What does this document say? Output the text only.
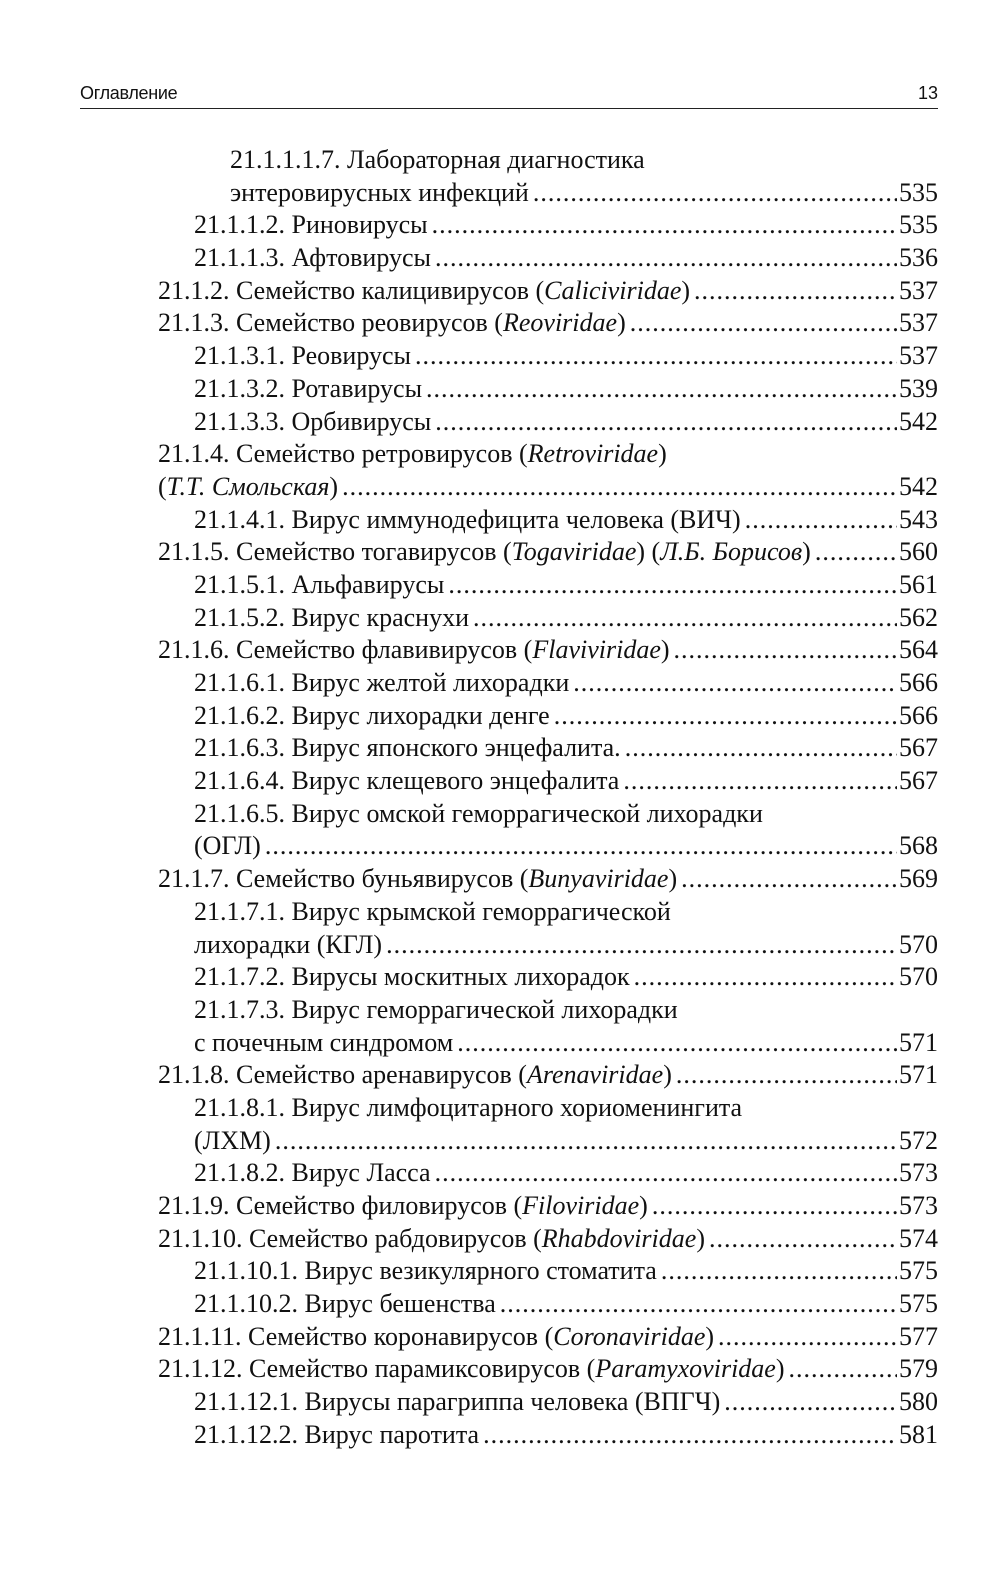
Оглавление	13
21.1.1.1.7. Лабораторная диагностика
энтеровирусных инфекций .....	535
21.1.1.2. Риновирусы .....	535
21.1.1.3. Афтовирусы .....	536
21.1.2. Семейство калицивирусов (Caliciviridae) .....	537
21.1.3. Семейство реовирусов (Reoviridae) .....	537
21.1.3.1. Реовирусы .....	537
21.1.3.2. Ротавирусы .....	539
21.1.3.3. Орбивирусы .....	542
21.1.4. Семейство ретровирусов (Retroviridae)
(Т.Т. Смольская) .....	542
21.1.4.1. Вирус иммунодефицита человека (ВИЧ) .....	543
21.1.5. Семейство тогавирусов (Togaviridae) (Л.Б. Борисов) .....	560
21.1.5.1. Альфавирусы .....	561
21.1.5.2. Вирус краснухи .....	562
21.1.6. Семейство флавивирусов (Flaviviridae) .....	564
21.1.6.1. Вирус желтой лихорадки .....	566
21.1.6.2. Вирус лихорадки денге .....	566
21.1.6.3. Вирус японского энцефалита. .....	567
21.1.6.4. Вирус клещевого энцефалита .....	567
21.1.6.5. Вирус омской геморрагической лихорадки
(ОГЛ) .....	568
21.1.7. Семейство буньявирусов (Bunyaviridae) .....	569
21.1.7.1. Вирус крымской геморрагической
лихорадки (КГЛ) .....	570
21.1.7.2. Вирусы москитных лихорадок .....	570
21.1.7.3. Вирус геморрагической лихорадки
с почечным синдромом .....	571
21.1.8. Семейство аренавирусов (Arenaviridae) .....	571
21.1.8.1. Вирус лимфоцитарного хориоменингита
(ЛХМ) .....	572
21.1.8.2. Вирус Ласса .....	573
21.1.9. Семейство филовирусов (Filoviridae) .....	573
21.1.10. Семейство рабдовирусов (Rhabdoviridae) .....	574
21.1.10.1. Вирус везикулярного стоматита .....	575
21.1.10.2. Вирус бешенства .....	575
21.1.11. Семейство коронавирусов (Coronaviridae) .....	577
21.1.12. Семейство парамиксовирусов (Paramyxoviridae) .....	579
21.1.12.1. Вирусы парагриппа человека (ВПГЧ) .....	580
21.1.12.2. Вирус паротита .....	581
